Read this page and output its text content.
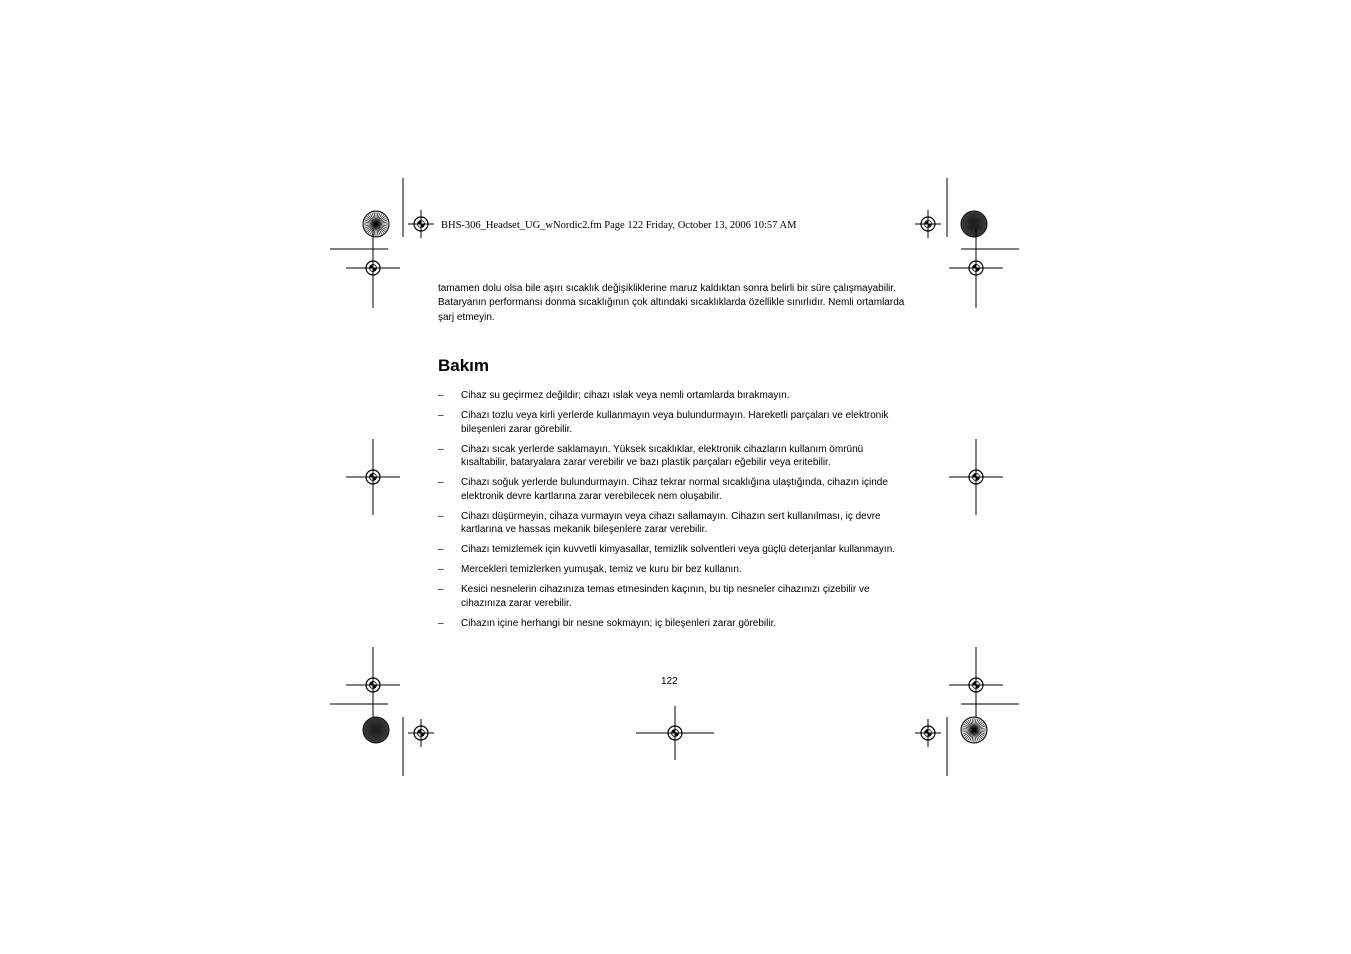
BHS-306_Headset_UG_wNordic2.fm Page 122 Friday, October 13, 2006 10:57 AM

tamamen dolu olsa bile aşırı sıcaklık değişikliklerine maruz kaldıktan sonra belirli bir süre çalışmayabilir. Bataryanın performansı donma sıcaklığının çok altındaki sıcaklıklarda özellikle sınırlıdır. Nemli ortamlarda şarj etmeyin.

Bakım
– Cihaz su geçirmez değildir; cihazı ıslak veya nemli ortamlarda bırakmayın.
– Cihazı tozlu veya kirli yerlerde kullanmayın veya bulundurmayın. Hareketli parçaları ve elektronik bileşenleri zarar görebilir.
– Cihazı sıcak yerlerde saklamayın. Yüksek sıcaklıklar, elektronik cihazların kullanım ömrünü kısaltabilir, bataryalara zarar verebilir ve bazı plastik parçaları eğebilir veya eritebilir.
– Cihazı soğuk yerlerde bulundurmayın. Cihaz tekrar normal sıcaklığına ulaştığında, cihazın içinde elektronik devre kartlarına zarar verebilecek nem oluşabilir.
– Cihazı düşürmeyin, cihaza vurmayın veya cihazı sallamayın. Cihazın sert kullanılması, iç devre kartlarına ve hassas mekanik bileşenlere zarar verebilir.
– Cihazı temizlemek için kuvvetli kimyasallar, temizlik solventleri veya güçlü deterjanlar kullanmayın.
– Mercekleri temizlerken yumuşak, temiz ve kuru bir bez kullanın.
– Kesici nesnelerin cihazınıza temas etmesinden kaçının, bu tip nesneler cihazınızı çizebilir ve cihazınıza zarar verebilir.
– Cihazın içine herhangi bir nesne sokmayın; iç bileşenleri zarar görebilir.
122
